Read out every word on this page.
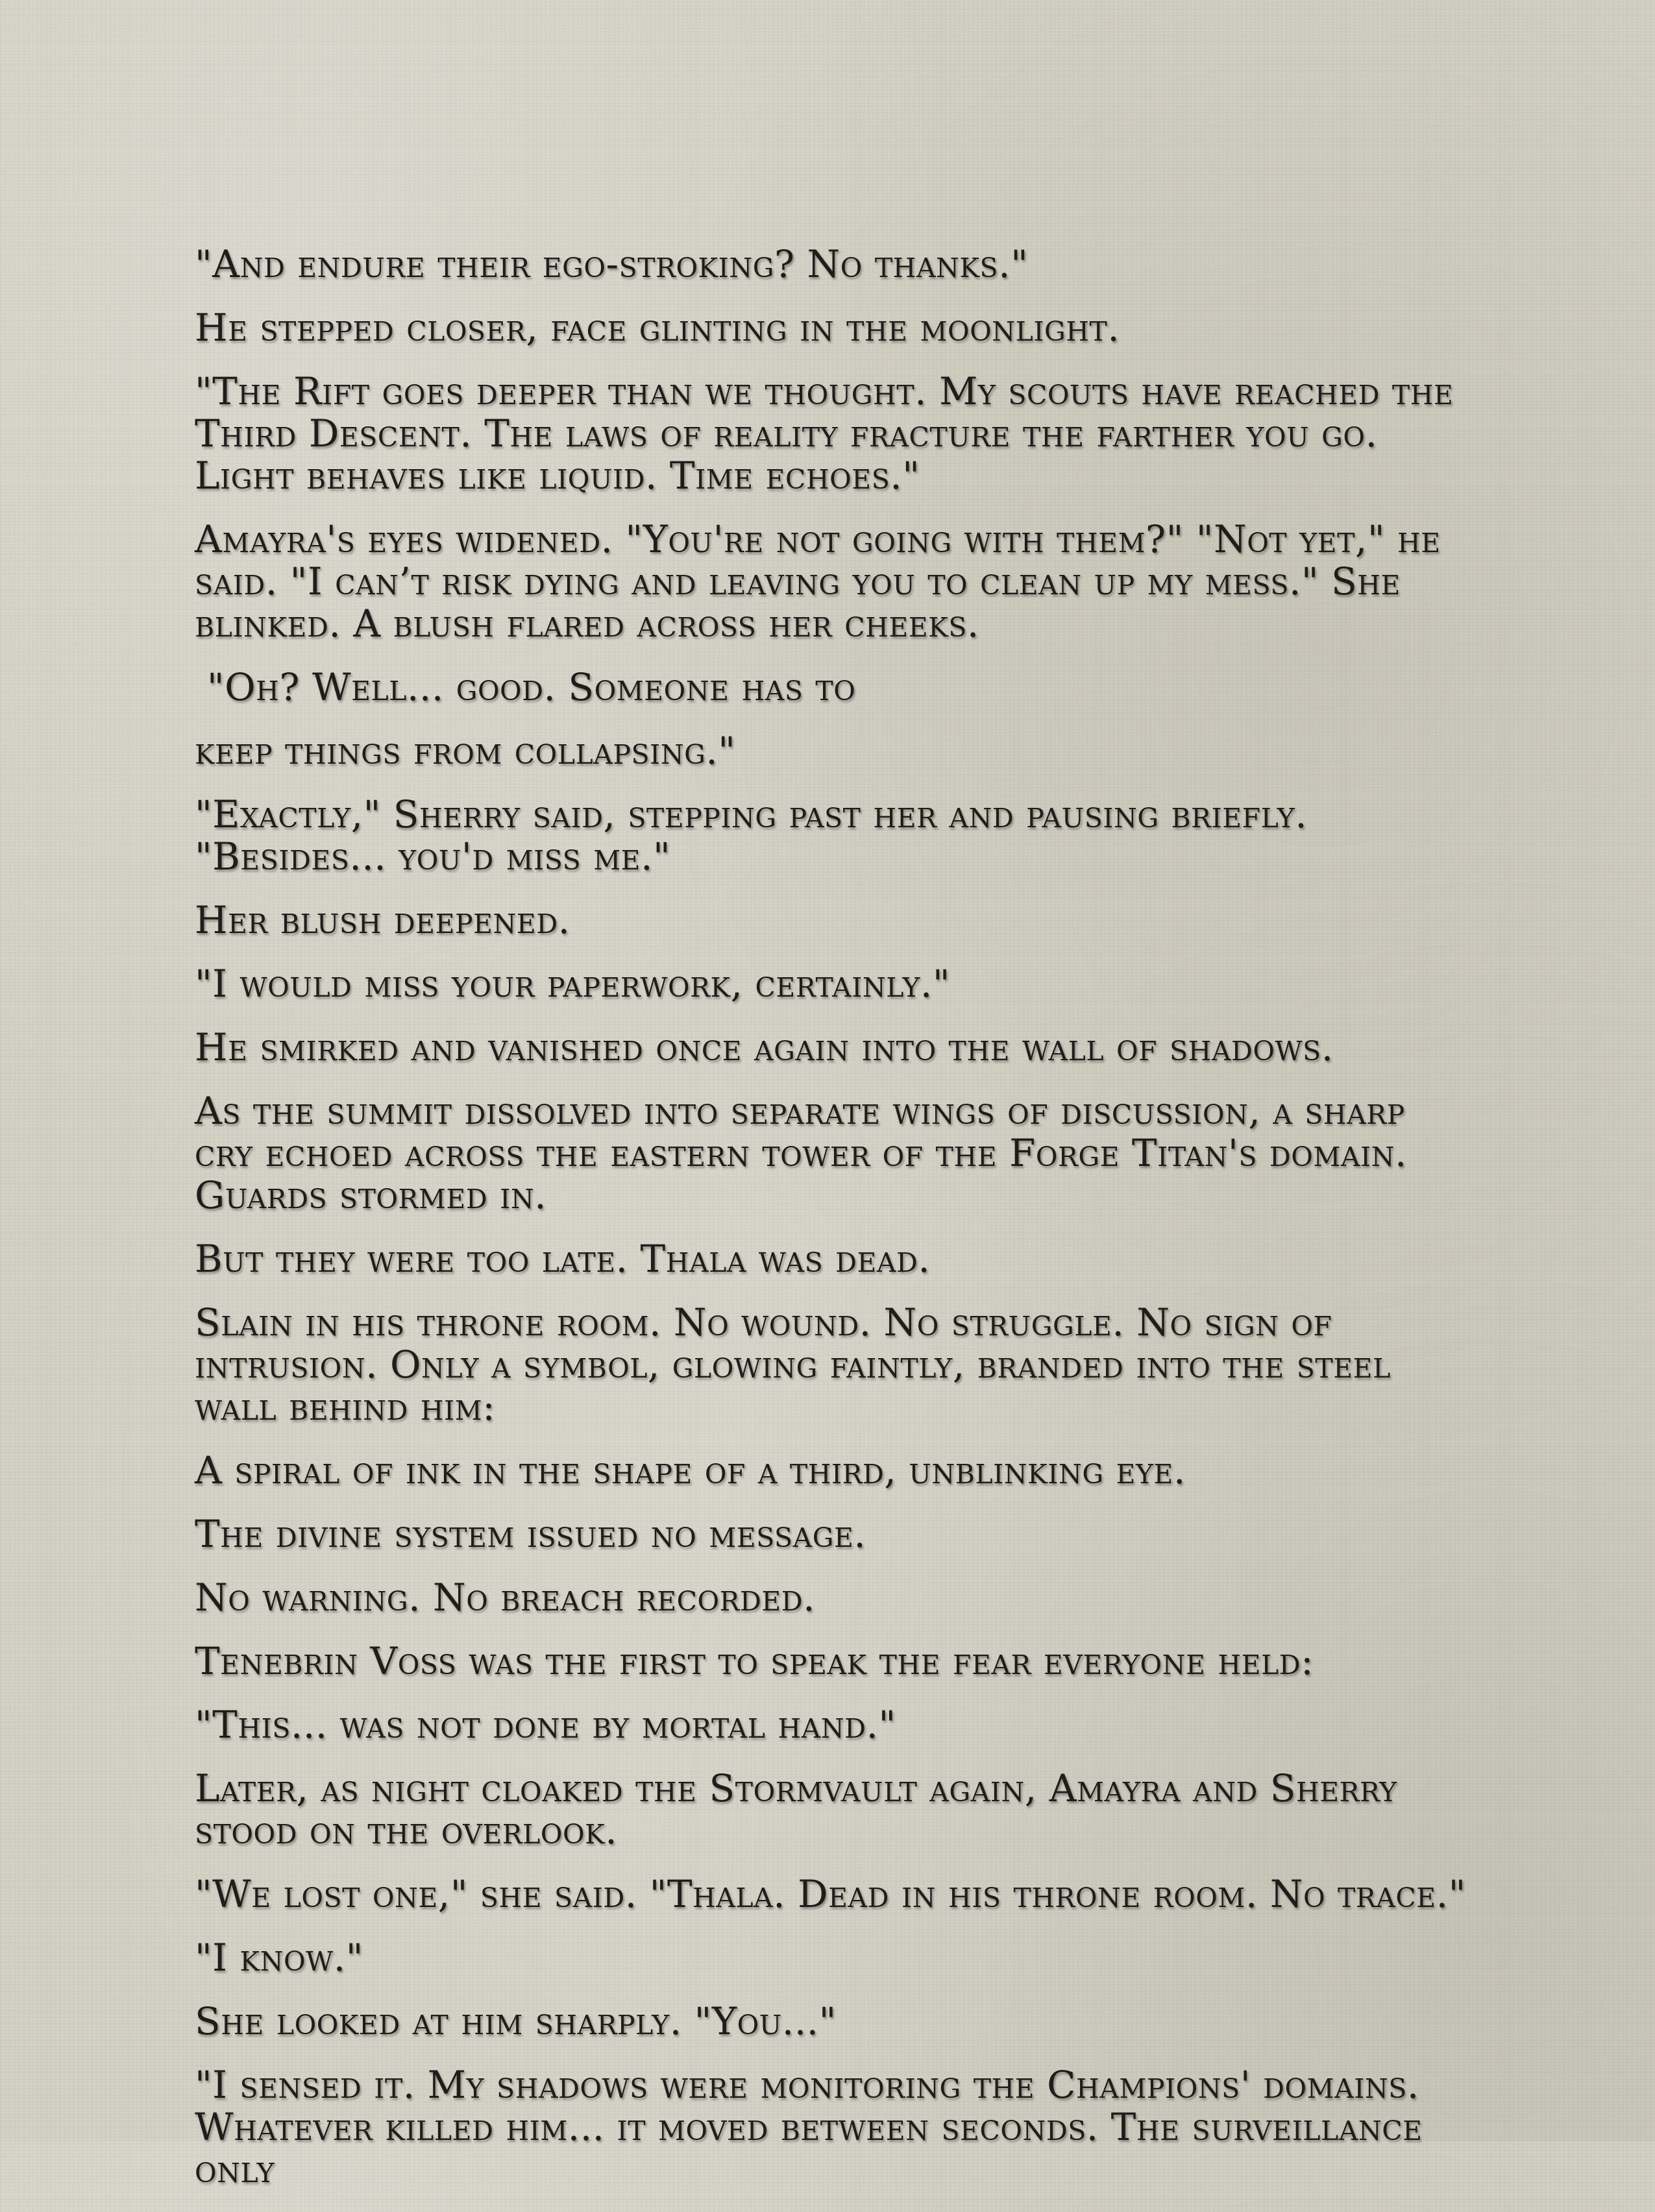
"And endure their ego-stroking? No thanks."

He stepped closer, face glinting in the moonlight.

"The Rift goes deeper than we thought. My scouts have reached the Third Descent. The laws of reality fracture the farther you go. Light behaves like liquid. Time echoes."

Amayra's eyes widened. "You're not going with them?" "Not yet," he said. "I can’t risk dying and leaving you to clean up my mess." She blinked. A blush flared across her cheeks.

"Oh? Well... good. Someone has to

keep things from collapsing."

"Exactly," Sherry said, stepping past her and pausing briefly. "Besides... you'd miss me."

Her blush deepened.

"I would miss your paperwork, certainly."

He smirked and vanished once again into the wall of shadows.

As the summit dissolved into separate wings of discussion, a sharp cry echoed across the eastern tower of the Forge Titan's domain. Guards stormed in.

But they were too late. Thala was dead.

Slain in his throne room. No wound. No struggle. No sign of intrusion. Only a symbol, glowing faintly, branded into the steel wall behind him:

A spiral of ink in the shape of a third, unblinking eye.

The divine system issued no message.

No warning. No breach recorded.

Tenebrin Voss was the first to speak the fear everyone held:

"This... was not done by mortal hand."

Later, as night cloaked the Stormvault again, Amayra and Sherry stood on the overlook.

"We lost one," she said. "Thala. Dead in his throne room. No trace."

"I know."

She looked at him sharply. "You..."

"I sensed it. My shadows were monitoring the Champions' domains. Whatever killed him... it moved between seconds. The surveillance only
